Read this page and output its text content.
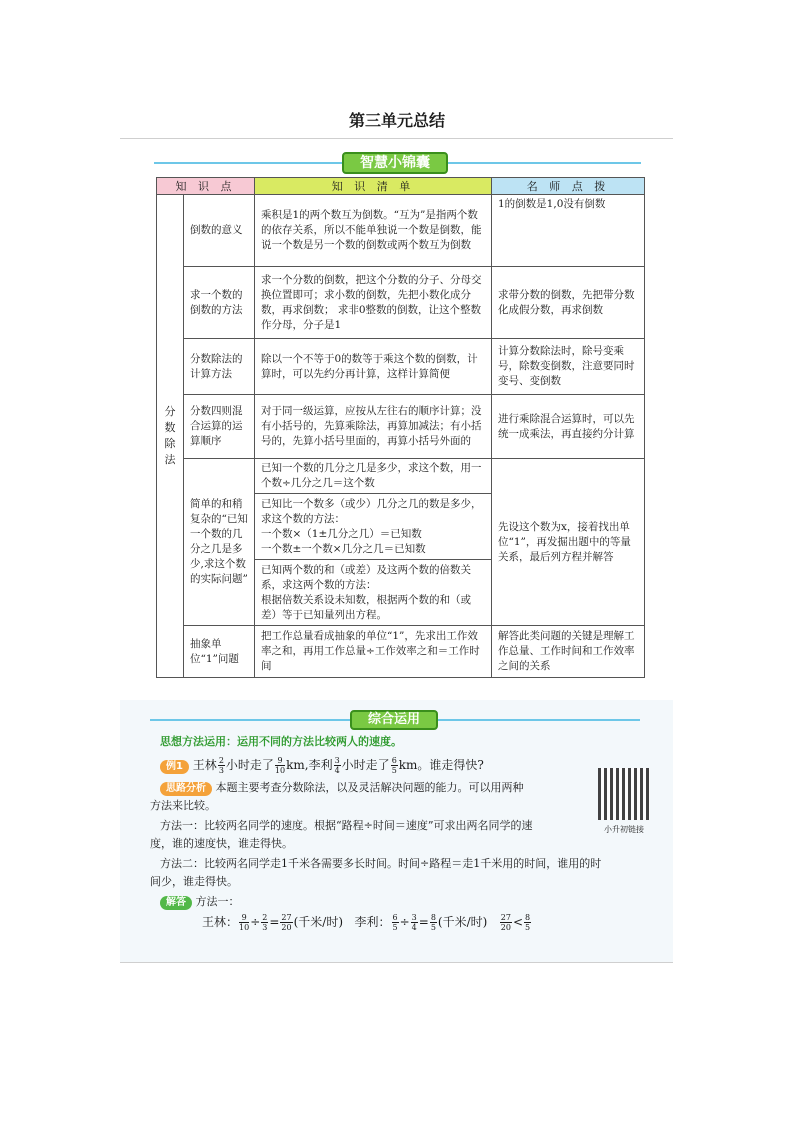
第三单元总结
智慧小锦囊
知 识 点		知 识 清 单	名 师 点 拨
分数除法	倒数的意义	乘积是1的两个数互为倒数。“互为”是指两个数的依存关系，所以不能单独说一个数是倒数，能说一个数是另一个数的倒数或两个数互为倒数	1的倒数是1,0没有倒数
	求一个数的倒数的方法	求一个分数的倒数，把这个分数的分子、分母交换位置即可；求小数的倒数，先把小数化成分数，再求倒数； 求非0整数的倒数，让这个整数作分母，分子是1	求带分数的倒数，先把带分数化成假分数，再求倒数
	分数除法的计算方法	除以一个不等于0的数等于乘这个数的倒数，计算时，可以先约分再计算，这样计算简便	计算分数除法时，除号变乘号，除数变倒数，注意要同时变号、变倒数
	分数四则混合运算的运算顺序	对于同一级运算，应按从左往右的顺序计算；没有小括号的，先算乘除法，再算加减法；有小括号的，先算小括号里面的，再算小括号外面的	进行乘除混合运算时，可以先统一成乘法，再直接约分计算
	简单的和稍复杂的“已知一个数的几分之几是多少,求这个数的实际问题”	已知一个数的几分之几是多少，求这个数，用一个数÷几分之几＝这个数	先设这个数为x，接着找出单位“1”，再发掘出题中的等量关系，最后列方程并解答
		已知比一个数多（或少）几分之几的数是多少，求这个数的方法：
一个数×（1±几分之几）＝已知数
一个数±一个数×几分之几＝已知数	
		已知两个数的和（或差）及这两个数的倍数关系，求这两个数的方法：
根据倍数关系设未知数，根据两个数的和（或差）等于已知量列出方程。	
	抽象单位“1”问题	把工作总量看成抽象的单位“1”，先求出工作效率之和，再用工作总量÷工作效率之和＝工作时间	解答此类问题的关键是理解工作总量、工作时间和工作效率之间的关系
综合运用
思想方法运用：运用不同的方法比较两人的速度。
例1 王林 $\frac{2}{3}$ 小时走了 $\frac{9}{10}$ km,李利 $\frac{3}{4}$ 小时走了 $\frac{6}{5}$ km。谁走得快?
思路分析 本题主要考查分数除法，以及灵活解决问题的能力。可以用两种
方法来比较。
方法一：比较两名同学的速度。根据“路程÷时间＝速度”可求出两名同学的速
度，谁的速度快，谁走得快。
方法二：比较两名同学走1千米各需要多长时间。时间÷路程＝走1千米用的时间，谁用的时
间少，谁走得快。
解答 方法一：
王林： $\frac{9}{10} \div \frac{2}{3} = \frac{27}{20}$ (千米/时) 李利： $\frac{6}{5} \div \frac{3}{4} = \frac{8}{5}$ (千米/时) $\frac{27}{20} < \frac{8}{5}$
小升初链接
